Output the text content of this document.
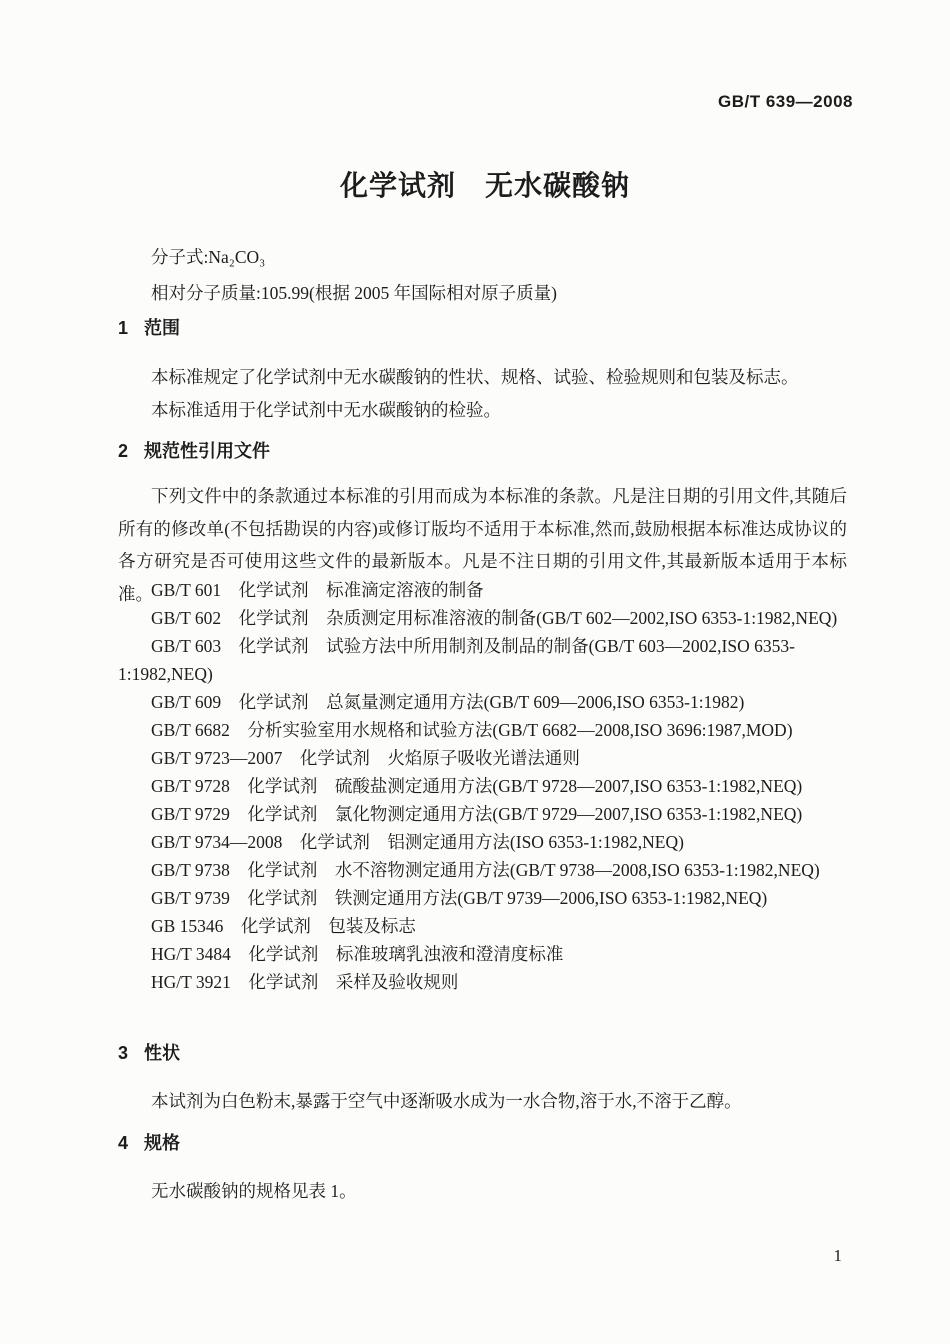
GB/T 639—2008
化学试剂　无水碳酸钠
分子式:Na₂CO₃
相对分子质量:105.99(根据 2005 年国际相对原子质量)
1 范围
本标准规定了化学试剂中无水碳酸钠的性状、规格、试验、检验规则和包装及标志。
本标准适用于化学试剂中无水碳酸钠的检验。
2 规范性引用文件
下列文件中的条款通过本标准的引用而成为本标准的条款。凡是注日期的引用文件,其随后所有的修改单(不包括勘误的内容)或修订版均不适用于本标准,然而,鼓励根据本标准达成协议的各方研究是否可使用这些文件的最新版本。凡是不注日期的引用文件,其最新版本适用于本标准。
GB/T 601　化学试剂　标准滴定溶液的制备
GB/T 602　化学试剂　杂质测定用标准溶液的制备(GB/T 602—2002,ISO 6353-1:1982,NEQ)
GB/T 603　化学试剂　试验方法中所用制剂及制品的制备(GB/T 603—2002,ISO 6353-1:1982,NEQ)
GB/T 609　化学试剂　总氮量测定通用方法(GB/T 609—2006,ISO 6353-1:1982)
GB/T 6682　分析实验室用水规格和试验方法(GB/T 6682—2008,ISO 3696:1987,MOD)
GB/T 9723—2007　化学试剂　火焰原子吸收光谱法通则
GB/T 9728　化学试剂　硫酸盐测定通用方法(GB/T 9728—2007,ISO 6353-1:1982,NEQ)
GB/T 9729　化学试剂　氯化物测定通用方法(GB/T 9729—2007,ISO 6353-1:1982,NEQ)
GB/T 9734—2008　化学试剂　铝测定通用方法(ISO 6353-1:1982,NEQ)
GB/T 9738　化学试剂　水不溶物测定通用方法(GB/T 9738—2008,ISO 6353-1:1982,NEQ)
GB/T 9739　化学试剂　铁测定通用方法(GB/T 9739—2006,ISO 6353-1:1982,NEQ)
GB 15346　化学试剂　包装及标志
HG/T 3484　化学试剂　标准玻璃乳浊液和澄清度标准
HG/T 3921　化学试剂　采样及验收规则
3 性状
本试剂为白色粉末,暴露于空气中逐渐吸水成为一水合物,溶于水,不溶于乙醇。
4 规格
无水碳酸钠的规格见表 1。
1
